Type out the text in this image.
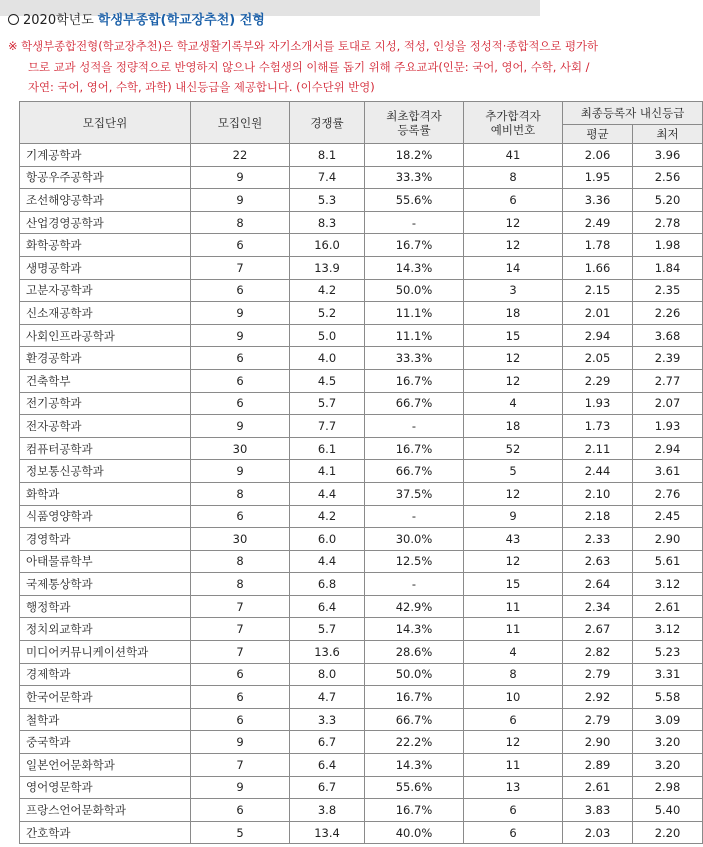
2020학년도 학생부종합(학교장추천) 전형
※ 학생부종합전형(학교장추천)은 학교생활기록부와 자기소개서를 토대로 지성, 적성, 인성을 정성적·종합적으로 평가하
므로 교과 성적을 정량적으로 반영하지 않으나 수험생의 이해를 돕기 위해 주요교과(인문: 국어, 영어, 수학, 사회 /
자연: 국어, 영어, 수학, 과학) 내신등급을 제공합니다. (이수단위 반영)
모집단위	모집인원	경쟁률	최초합격자 등록률	추가합격자 예비번호	최종등록자 내신등급	
					평균	최저
기계공학과	22	8.1	18.2%	41	2.06	3.96
항공우주공학과	9	7.4	33.3%	8	1.95	2.56
조선해양공학과	9	5.3	55.6%	6	3.36	5.20
산업경영공학과	8	8.3	-	12	2.49	2.78
화학공학과	6	16.0	16.7%	12	1.78	1.98
생명공학과	7	13.9	14.3%	14	1.66	1.84
고분자공학과	6	4.2	50.0%	3	2.15	2.35
신소재공학과	9	5.2	11.1%	18	2.01	2.26
사회인프라공학과	9	5.0	11.1%	15	2.94	3.68
환경공학과	6	4.0	33.3%	12	2.05	2.39
건축학부	6	4.5	16.7%	12	2.29	2.77
전기공학과	6	5.7	66.7%	4	1.93	2.07
전자공학과	9	7.7	-	18	1.73	1.93
컴퓨터공학과	30	6.1	16.7%	52	2.11	2.94
정보통신공학과	9	4.1	66.7%	5	2.44	3.61
화학과	8	4.4	37.5%	12	2.10	2.76
식품영양학과	6	4.2	-	9	2.18	2.45
경영학과	30	6.0	30.0%	43	2.33	2.90
아태물류학부	8	4.4	12.5%	12	2.63	5.61
국제통상학과	8	6.8	-	15	2.64	3.12
행정학과	7	6.4	42.9%	11	2.34	2.61
정치외교학과	7	5.7	14.3%	11	2.67	3.12
미디어커뮤니케이션학과	7	13.6	28.6%	4	2.82	5.23
경제학과	6	8.0	50.0%	8	2.79	3.31
한국어문학과	6	4.7	16.7%	10	2.92	5.58
철학과	6	3.3	66.7%	6	2.79	3.09
중국학과	9	6.7	22.2%	12	2.90	3.20
일본언어문화학과	7	6.4	14.3%	11	2.89	3.20
영어영문학과	9	6.7	55.6%	13	2.61	2.98
프랑스언어문화학과	6	3.8	16.7%	6	3.83	5.40
간호학과	5	13.4	40.0%	6	2.03	2.20
